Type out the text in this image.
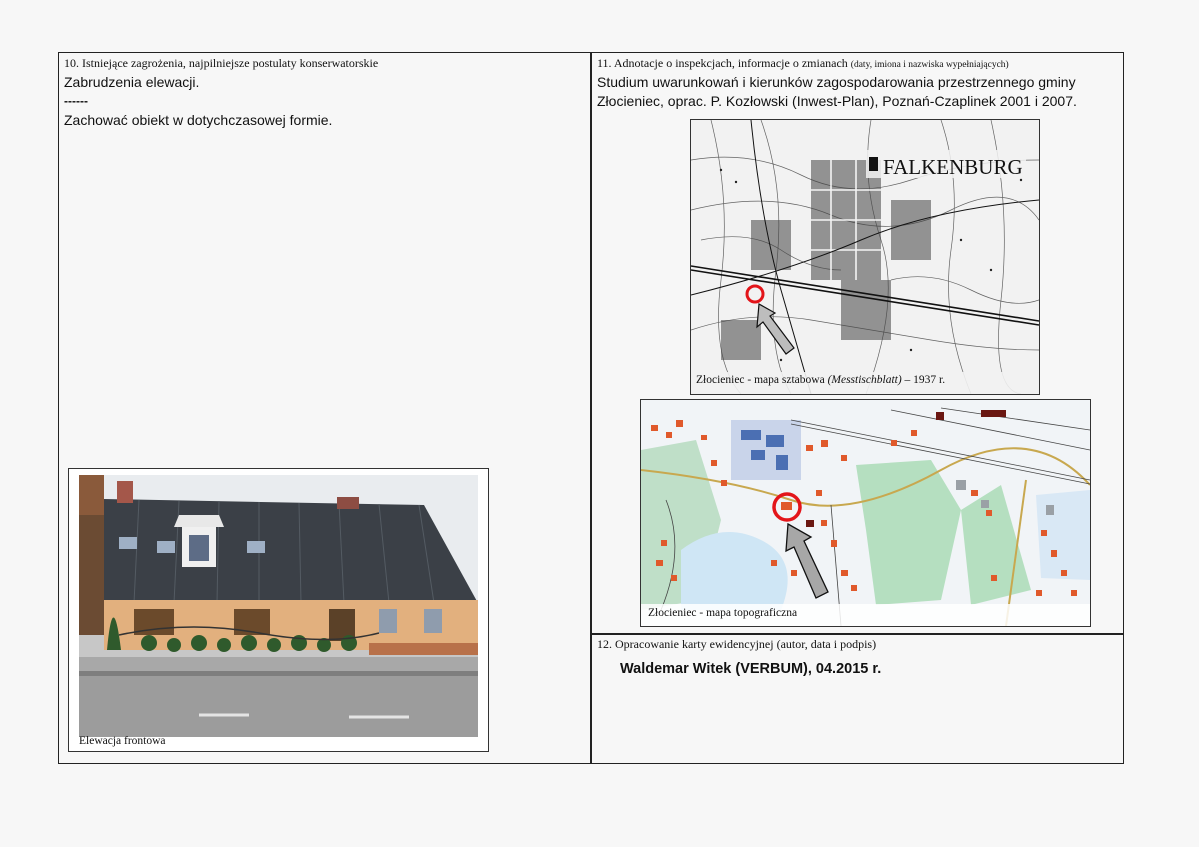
10. Istniejące zagrożenia, najpilniejsze postulaty konserwatorskie
Zabrudzenia elewacji.
------
Zachować obiekt w dotychczasowej formie.
11. Adnotacje o inspekcjach, informacje o zmianach (daty, imiona i nazwiska wypełniających)
Studium uwarunkowań i kierunków zagospodarowania przestrzennego gminy
Złocieniec, oprac. P. Kozłowski (Inwest-Plan), Poznań-Czaplinek 2001 i 2007.
FALKENBURG
Złocieniec - mapa sztabowa (Messtischblatt) – 1937 r.
Złocieniec - mapa topograficzna
12. Opracowanie karty ewidencyjnej (autor, data i podpis)
Waldemar Witek (VERBUM), 04.2015 r.
Elewacja frontowa
